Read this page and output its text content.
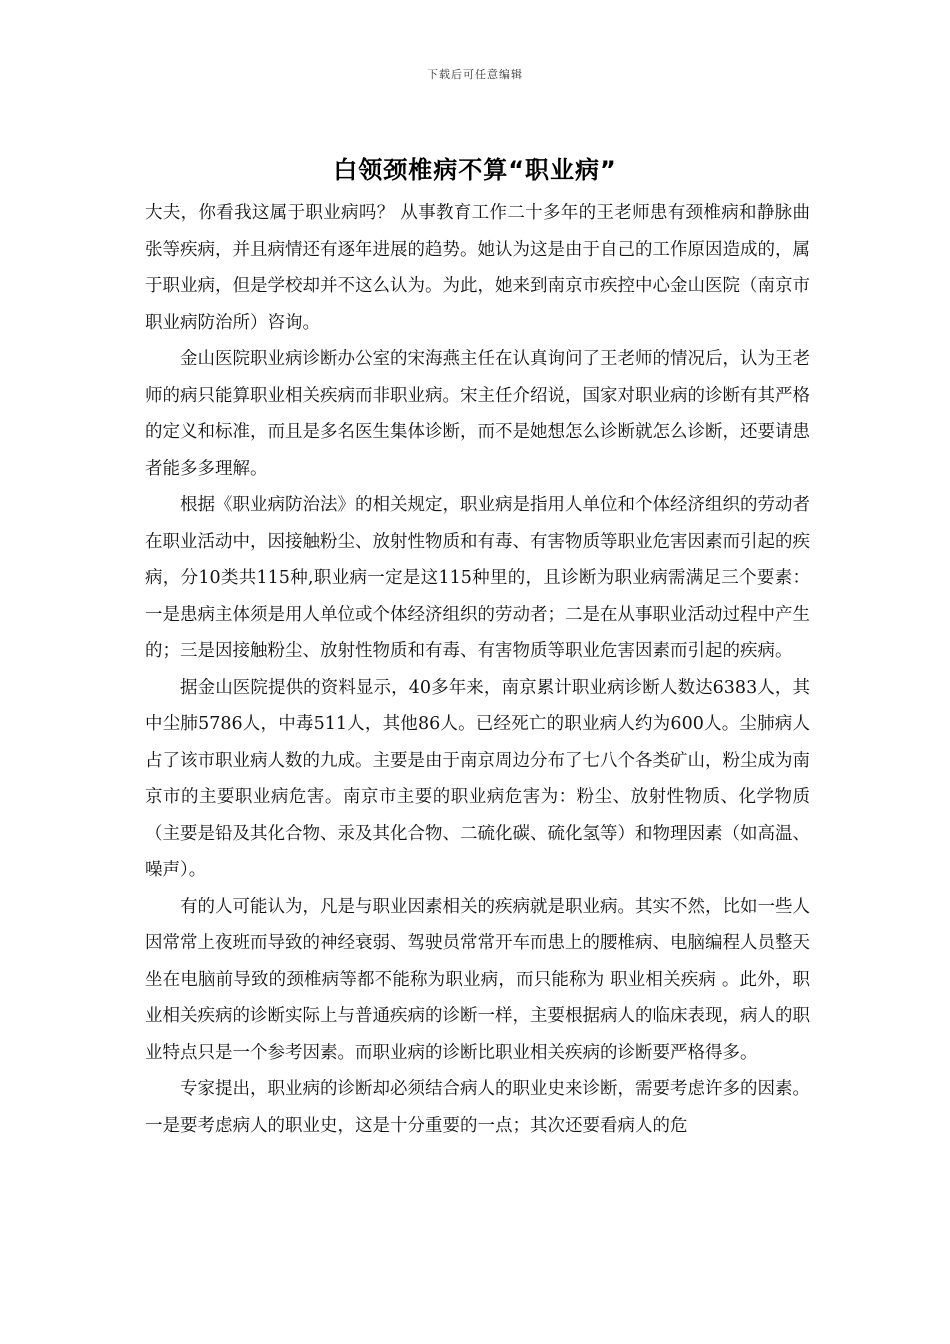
下载后可任意编辑
白领颈椎病不算“职业病”

大夫，你看我这属于职业病吗？ 从事教育工作二十多年的王老师患有颈椎病和静脉曲张等疾病，并且病情还有逐年进展的趋势。她认为这是由于自己的工作原因造成的，属于职业病，但是学校却并不这么认为。为此，她来到南京市疾控中心金山医院（南京市职业病防治所）咨询。

金山医院职业病诊断办公室的宋海燕主任在认真询问了王老师的情况后，认为王老师的病只能算职业相关疾病而非职业病。宋主任介绍说，国家对职业病的诊断有其严格的定义和标准，而且是多名医生集体诊断，而不是她想怎么诊断就怎么诊断，还要请患者能多多理解。

根据《职业病防治法》的相关规定，职业病是指用人单位和个体经济组织的劳动者在职业活动中，因接触粉尘、放射性物质和有毒、有害物质等职业危害因素而引起的疾病，分10类共115种,职业病一定是这115种里的，且诊断为职业病需满足三个要素：一是患病主体须是用人单位或个体经济组织的劳动者；二是在从事职业活动过程中产生的；三是因接触粉尘、放射性物质和有毒、有害物质等职业危害因素而引起的疾病。

据金山医院提供的资料显示，40多年来，南京累计职业病诊断人数达6383人，其中尘肺5786人，中毒511人，其他86人。已经死亡的职业病人约为600人。尘肺病人占了该市职业病人数的九成。主要是由于南京周边分布了七八个各类矿山，粉尘成为南京市的主要职业病危害。南京市主要的职业病危害为：粉尘、放射性物质、化学物质（主要是铅及其化合物、汞及其化合物、二硫化碳、硫化氢等）和物理因素（如高温、噪声）。

有的人可能认为，凡是与职业因素相关的疾病就是职业病。其实不然，比如一些人因常常上夜班而导致的神经衰弱、驾驶员常常开车而患上的腰椎病、电脑编程人员整天坐在电脑前导致的颈椎病等都不能称为职业病，而只能称为 职业相关疾病 。此外，职业相关疾病的诊断实际上与普通疾病的诊断一样，主要根据病人的临床表现，病人的职业特点只是一个参考因素。而职业病的诊断比职业相关疾病的诊断要严格得多。

专家提出，职业病的诊断却必须结合病人的职业史来诊断，需要考虑许多的因素。一是要考虑病人的职业史，这是十分重要的一点；其次还要看病人的危
